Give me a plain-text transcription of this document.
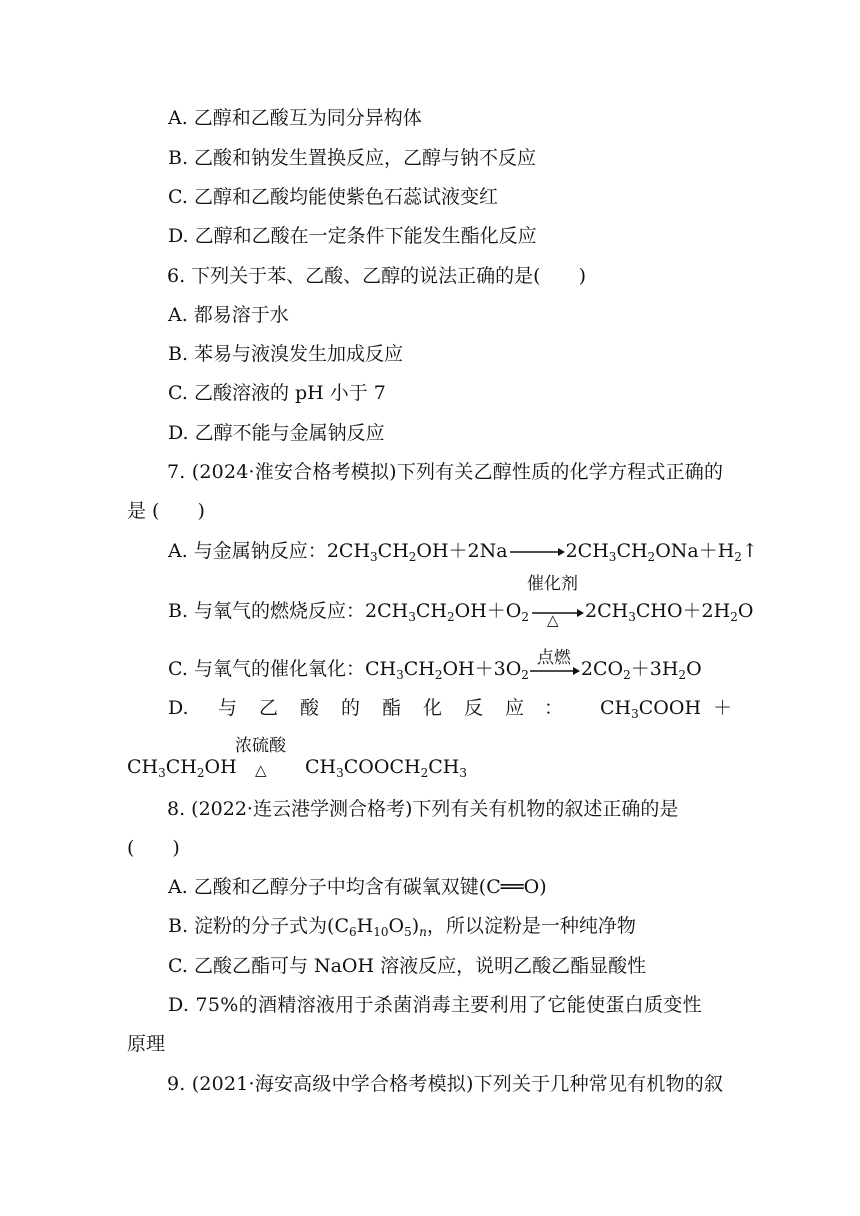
A. 乙醇和乙酸互为同分异构体
B. 乙酸和钠发生置换反应，乙醇与钠不反应
C. 乙醇和乙酸均能使紫色石蕊试液变红
D. 乙醇和乙酸在一定条件下能发生酯化反应
6. 下列关于苯、乙酸、乙醇的说法正确的是(　　)
A. 都易溶于水
B. 苯易与液溴发生加成反应
C. 乙酸溶液的 pH 小于 7
D. 乙醇不能与金属钠反应
7. (2024·淮安合格考模拟)下列有关乙醇性质的化学方程式正确的
是 (　　)
A. 与金属钠反应：$2CH_3CH_2OH+2Na\to 2CH_3CH_2ONa+H_2↑$
B. 与氧气的燃烧反应：$2CH_3CH_2OH+O_2$
催化剂
△ $2CH_3CHO+2H_2O$
C. 与氧气的催化氧化：$CH_3CH_2OH+3O_2$
点燃 $2CO_2+3H_2O$
D. 与 乙 酸 的 酯 化 反 应 ： $CH_3COOH$ ＋
$CH_3CH_2OH$
浓硫酸
△ $CH_3COOCH_2CH_3$
8. (2022·连云港学测合格考)下列有关有机物的叙述正确的是
(　　)
A. 乙酸和乙醇分子中均含有碳氧双键(C══O)
B. 淀粉的分子式为$(C_6H_{10}O_5)_n$，所以淀粉是一种纯净物
C. 乙酸乙酯可与 NaOH 溶液反应，说明乙酸乙酯显酸性
D. 75%的酒精溶液用于杀菌消毒主要利用了它能使蛋白质变性
原理
9. (2021·海安高级中学合格考模拟)下列关于几种常见有机物的叙
